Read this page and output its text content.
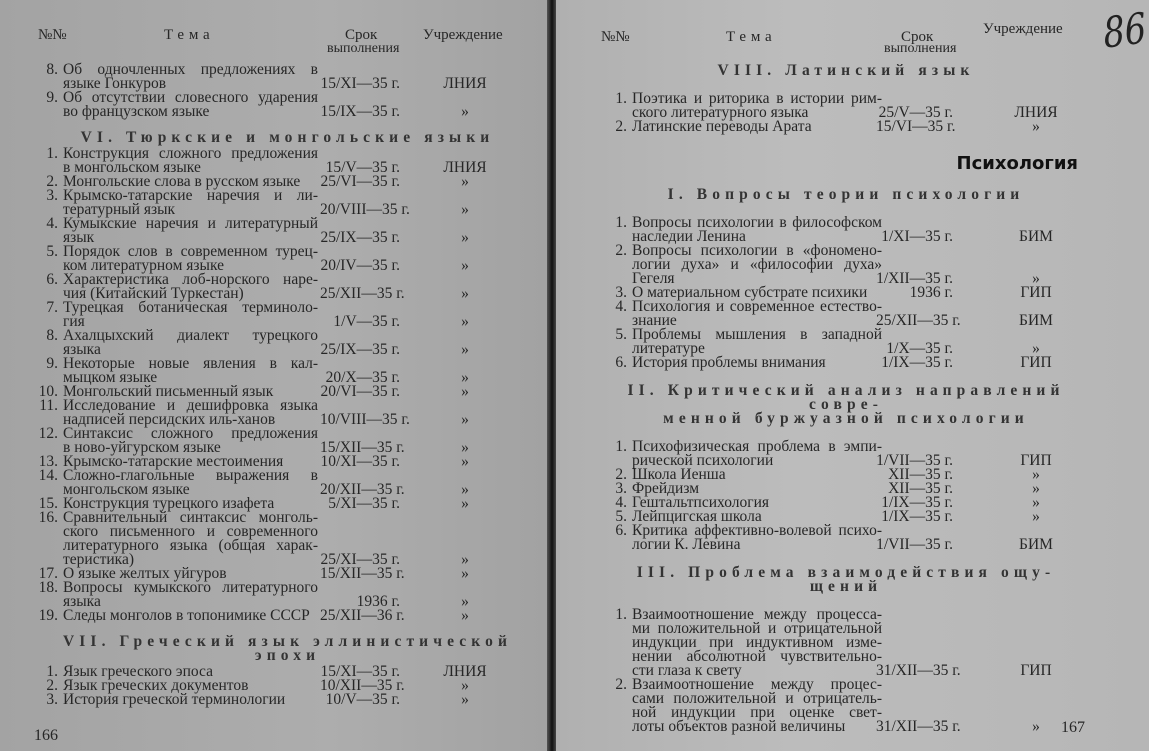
№№	Тема	Срок
выполнения
Учреждение
8. Об одночленных предложениях в
языке Гонкуров	15/XI—35 г.	ЛНИЯ
9. Об отсутствии словесного ударения
во французском языке	15/IX—35 г.	»
VI. Тюркские и монгольские языки
1. Конструкция сложного предложения
в монгольском языке	15/V—35 г.	ЛНИЯ
2. Монгольские слова в русском языке	25/VI—35 г.	»
3. Крымско-татарские наречия и ли-
тературный язык	20/VIII—35 г.	»
4. Кумыкские наречия и литературный
язык	25/IX—35 г.	»
5. Порядок слов в современном турец-
ком литературном языке	20/IV—35 г.	»
6. Характеристика лоб-норского наре-
чия (Китайский Туркестан)	25/XII—35 г.	»
7. Турецкая ботаническая терминоло-
гия	1/V—35 г.	»
8. Ахалцыхский диалект турецкого
языка	25/IX—35 г.	»
9. Некоторые новые явления в кал-
мыцком языке	20/X—35 г.	»
10. Монгольский письменный язык	20/VI—35 г.	»
11. Исследование и дешифровка языка
надписей персидских иль-ханов	10/VIII—35 г.	»
12. Синтаксис сложного предложения
в ново-уйгурском языке	15/XII—35 г.	»
13. Крымско-татарские местоимения	10/XI—35 г.	»
14. Сложно-глагольные выражения в
монгольском языке	20/XII—35 г.	»
15. Конструкция турецкого изафета	5/XI—35 г.	»
16. Сравнительный синтаксис монголь-
ского письменного и современного
литературного языка (общая харак-
теристика)	25/XI—35 г.	»
17. О языке желтых уйгуров	15/XII—35 г.	»
18. Вопросы кумыкского литературного
языка	1936 г.	»
19. Следы монголов в топонимике СССР 25/XII—36 г.	»
VII. Греческий язык эллинистической
эпохи
1. Язык греческого эпоса	15/XI—35 г.	ЛНИЯ
2. Язык греческих документов	10/XII—35 г.	»
3. История греческой терминологии	10/V—35 г.	»
166
№№	Тема	Срок
выполнения
Учреждение
VIII. Латинский язык
1. Поэтика и риторика в истории рим-
ского литературного языка	25/V—35 г.	ЛНИЯ
2. Латинские переводы Арата	15/VI—35 г.	»
Психология
I. Вопросы теории психологии
1. Вопросы психологии в философском
наследии Ленина	1/XI—35 г.	БИМ
2. Вопросы психологии в «фономено-
логии духа» и «философии духа»
Гегеля	1/XII—35 г.	»
3. О материальном субстрате психики	1936 г.	ГИП
4. Психология и современное естество-
знание	25/XII—35 г.	БИМ
5. Проблемы мышления в западной
литературе	1/X—35 г.	»
6. История проблемы внимания	1/IX—35 г.	ГИП
II. Критический анализ направлений совре-
менной буржуазной психологии
1. Психофизическая проблема в эмпи-
рической психологии	1/VII—35 г.	ГИП
2. Школа Иенша	XII—35 г.	»
3. Фрейдизм	XII—35 г.	»
4. Гештальтпсихология	1/IX—35 г.	»
5. Лейпцигская школа	1/IX—35 г.	»
6. Критика аффективно-волевой психо-
логии К. Левина	1/VII—35 г.	БИМ
III. Проблема взаимодействия ощу-
щений
1. Взаимоотношение между процесса-
ми положительной и отрицательной
индукции при индуктивном изме-
нении абсолютной чувствительно-
сти глаза к свету	31/XII—35 г.	ГИП
2. Взаимоотношение между процес-
сами положительной и отрицатель-
ной индукции при оценке свет-
лоты объектов разной величины	31/XII—35 г.	»	167
86
